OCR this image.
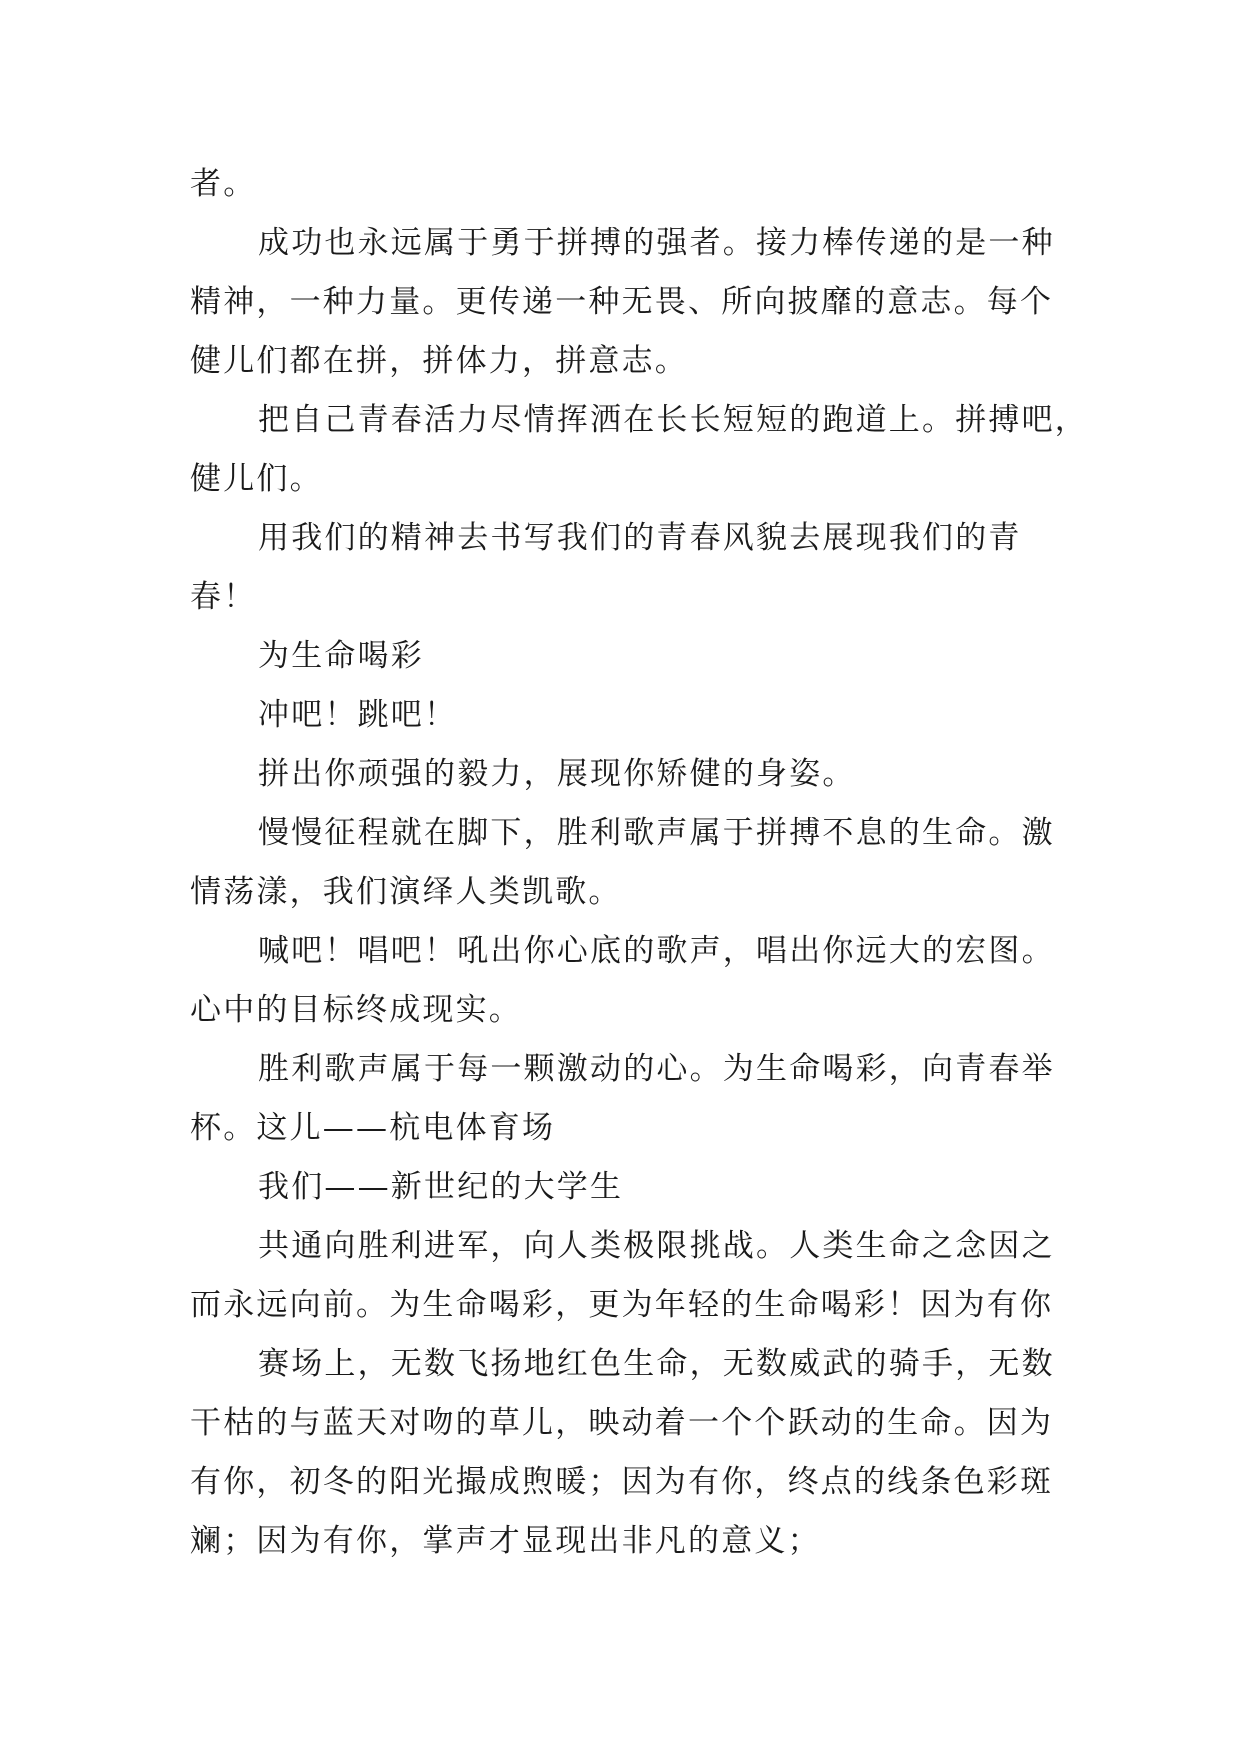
者。
成功也永远属于勇于拼搏的强者。接力棒传递的是一种
精神，一种力量。更传递一种无畏、所向披靡的意志。每个
健儿们都在拼，拼体力，拼意志。
把自己青春活力尽情挥洒在长长短短的跑道上。拼搏吧，
健儿们。
用我们的精神去书写我们的青春风貌去展现我们的青
春！
为生命喝彩
冲吧！跳吧！
拼出你顽强的毅力，展现你矫健的身姿。
慢慢征程就在脚下，胜利歌声属于拼搏不息的生命。激
情荡漾，我们演绎人类凯歌。
喊吧！唱吧！吼出你心底的歌声，唱出你远大的宏图。
心中的目标终成现实。
胜利歌声属于每一颗激动的心。为生命喝彩，向青春举
杯。这儿——杭电体育场
我们——新世纪的大学生
共通向胜利进军，向人类极限挑战。人类生命之念因之
而永远向前。为生命喝彩，更为年轻的生命喝彩！因为有你
赛场上，无数飞扬地红色生命，无数威武的骑手，无数
干枯的与蓝天对吻的草儿，映动着一个个跃动的生命。因为
有你，初冬的阳光撮成煦暖；因为有你，终点的线条色彩斑
斓；因为有你，掌声才显现出非凡的意义；
